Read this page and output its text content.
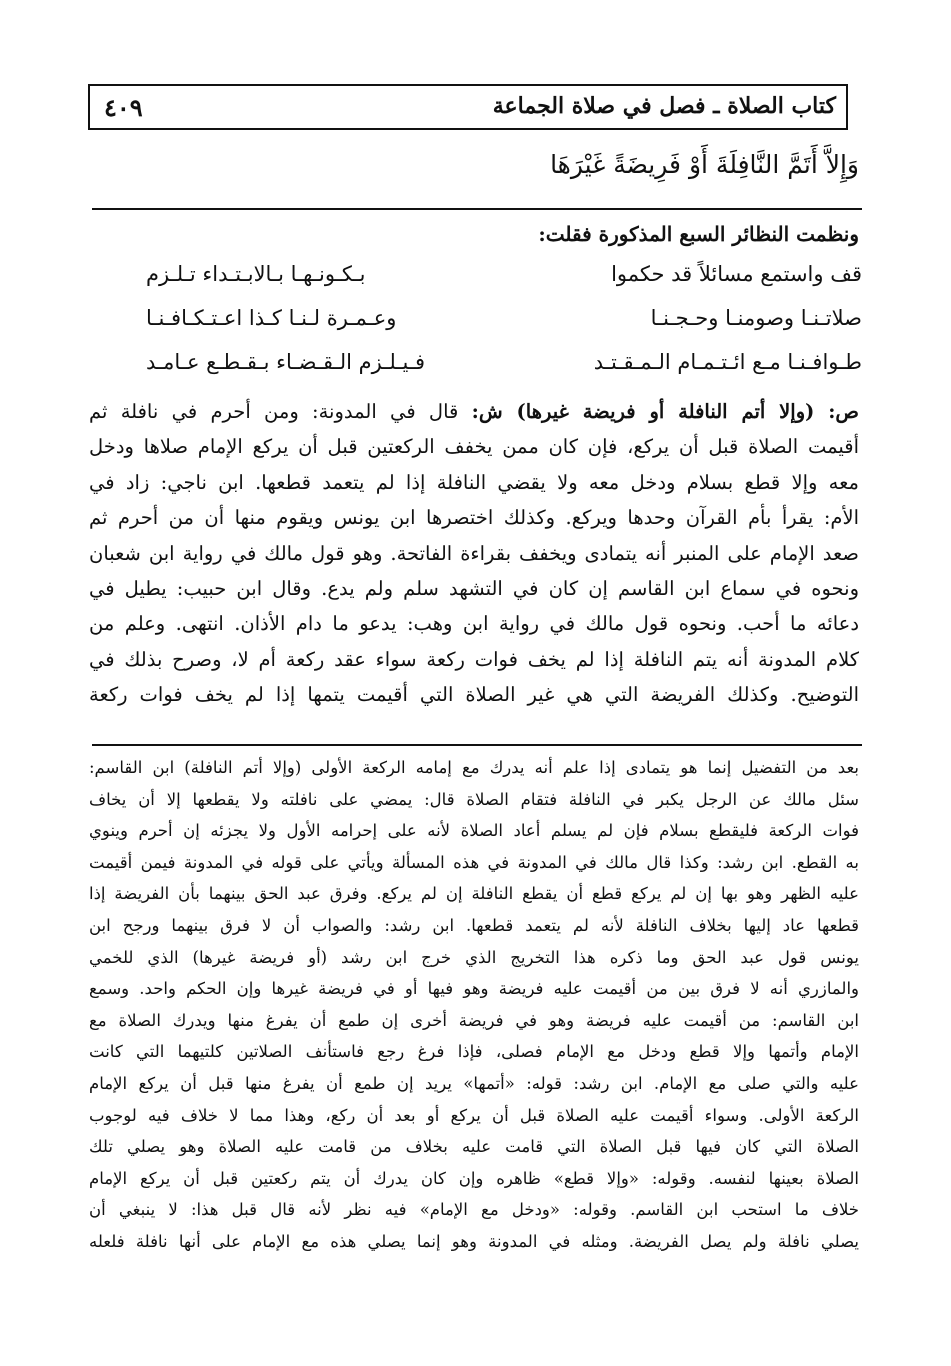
كتاب الصلاة ـ فصل في صلاة الجماعة
٤٠٩
وَإِلاَّ أَتَمَّ النَّافِلَةَ أَوْ فَرِيضَةً غَيْرَهَا
ونظمت النظائر السبع المذكورة فقلت:
قف واستمع مسائلاً قد حكموا
بـكـونـهـا بـالابـتـداء تـلـزم
صلاتـنـا وصومنـا وحـجـنـا
وعـمـرة لـنـا كـذا اعـتـكـافـنـا
طـوافـنـا مـع ائـتـمـام الـمـقـتـد
فـيـلـزم الـقـضـاء بـقـطـع عـامـد
ص: (وإلا أتم النافلة أو فريضة غيرها) ش: قال في المدونة: ومن أحرم في نافلة ثم
أقيمت الصلاة قبل أن يركع، فإن كان ممن يخفف الركعتين قبل أن يركع الإمام صلاها ودخل
معه وإلا قطع بسلام ودخل معه ولا يقضي النافلة إذا لم يتعمد قطعها. ابن ناجي: زاد في
الأم: يقرأ بأم القرآن وحدها ويركع. وكذلك اختصرها ابن يونس ويقوم منها أن من أحرم ثم
صعد الإمام على المنبر أنه يتمادى ويخفف بقراءة الفاتحة. وهو قول مالك في رواية ابن شعبان
ونحوه في سماع ابن القاسم إن كان في التشهد سلم ولم يدع. وقال ابن حبيب: يطيل في
دعائه ما أحب. ونحوه قول مالك في رواية ابن وهب: يدعو ما دام الأذان. انتهى. وعلم من
كلام المدونة أنه يتم النافلة إذا لم يخف فوات ركعة سواء عقد ركعة أم لا، وصرح بذلك في
التوضيح. وكذلك الفريضة التي هي غير الصلاة التي أقيمت يتمها إذا لم يخف فوات ركعة
بعد من التفضيل إنما هو يتمادى إذا علم أنه يدرك مع إمامه الركعة الأولى (وإلا أتم النافلة) ابن القاسم:
سئل مالك عن الرجل يكبر في النافلة فتقام الصلاة قال: يمضي على نافلته ولا يقطعها إلا أن يخاف
فوات الركعة فليقطع بسلام فإن لم يسلم أعاد الصلاة لأنه على إحرامه الأول ولا يجزئه إن أحرم وينوي
به القطع. ابن رشد: وكذا قال مالك في المدونة في هذه المسألة ويأتي على قوله في المدونة فيمن أقيمت
عليه الظهر وهو بها إن لم يركع قطع أن يقطع النافلة إن لم يركع. وفرق عبد الحق بينهما بأن الفريضة إذا
قطعها عاد إليها بخلاف النافلة لأنه لم يتعمد قطعها. ابن رشد: والصواب أن لا فرق بينهما ورجح ابن
يونس قول عبد الحق وما ذكره هذا التخريج الذي خرج ابن رشد (أو فريضة غيرها) الذي للخمي
والمازري أنه لا فرق بين من أقيمت عليه فريضة وهو فيها أو في فريضة غيرها وإن الحكم واحد. وسمع
ابن القاسم: من أقيمت عليه فريضة وهو في فريضة أخرى إن طمع أن يفرغ منها ويدرك الصلاة مع
الإمام وأتمها وإلا قطع ودخل مع الإمام فصلى، فإذا فرغ رجع فاستأنف الصلاتين كلتيهما التي كانت
عليه والتي صلى مع الإمام. ابن رشد: قوله: «أتمها» يريد إن طمع أن يفرغ منها قبل أن يركع الإمام
الركعة الأولى. وسواء أقيمت عليه الصلاة قبل أن يركع أو بعد أن ركع، وهذا مما لا خلاف فيه لوجوب
الصلاة التي كان فيها قبل الصلاة التي قامت عليه بخلاف من قامت عليه الصلاة وهو يصلي تلك
الصلاة بعينها لنفسه. وقوله: «وإلا قطع» ظاهره وإن كان يدرك أن يتم ركعتين قبل أن يركع الإمام
خلاف ما استحب ابن القاسم. وقوله: «ودخل مع الإمام» فيه نظر لأنه قال قبل هذا: لا ينبغي أن
يصلي نافلة ولم يصل الفريضة. ومثله في المدونة وهو إنما يصلي هذه مع الإمام على أنها نافلة فلعله
